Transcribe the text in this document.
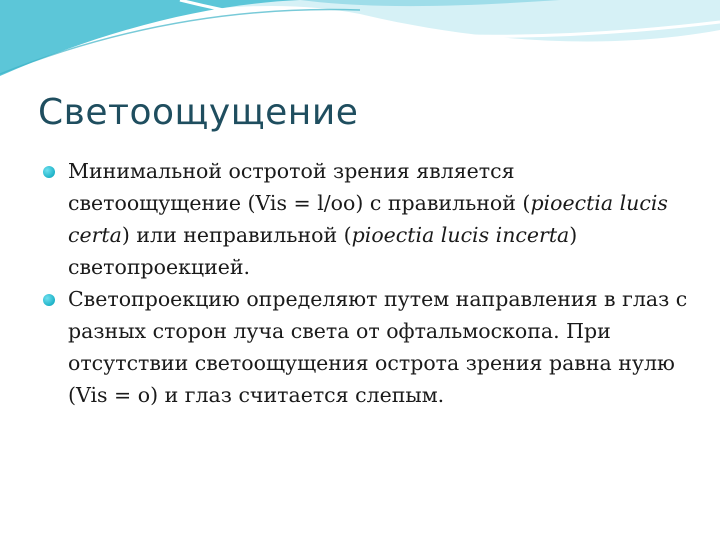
Светоощущение
Минимальной остротой зрения является светоощущение (Vis = l/oo) с правильной (pioectia lucis certa) или неправильной (pioectia lucis incerta) светопроекцией.
Светопроекцию определяют путем направления в глаз с разных сторон луча света от офтальмоскопа. При отсутствии светоощущения острота зрения равна нулю (Vis = о) и глаз считается слепым.
